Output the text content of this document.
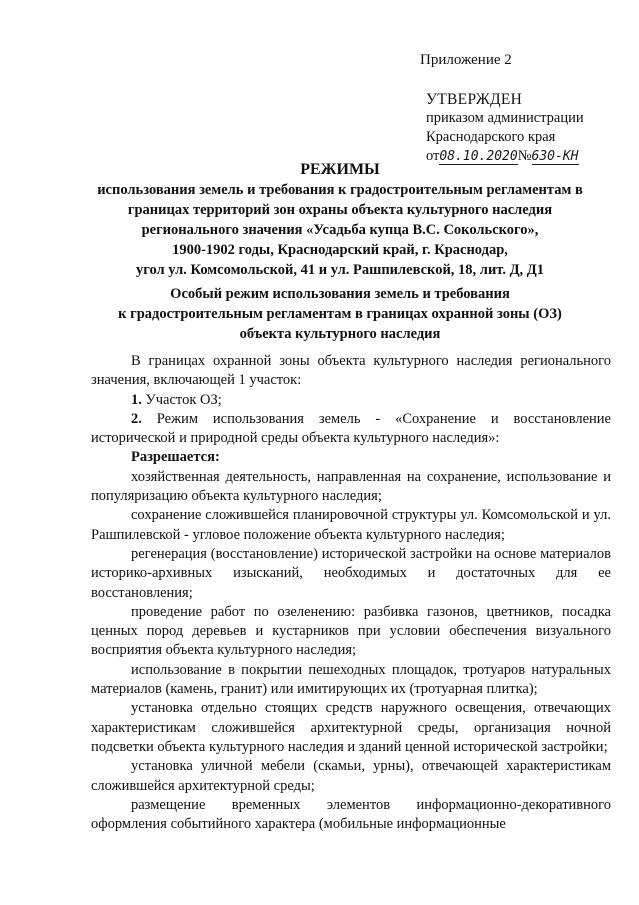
Приложение 2
УТВЕРЖДЕН
приказом администрации
Краснодарского края
от08.10.2020№630-КН
РЕЖИМЫ
использования земель и требования к градостроительным регламентам в
границах территорий зон охраны объекта культурного наследия
регионального значения «Усадьба купца В.С. Сокольского»,
1900-1902 годы, Краснодарский край, г. Краснодар,
угол ул. Комсомольской, 41 и ул. Рашпилевской, 18, лит. Д, Д1
Особый режим использования земель и требования
к градостроительным регламентам в границах охранной зоны (ОЗ)
объекта культурного наследия

В границах охранной зоны объекта культурного наследия регионального значения, включающей 1 участок:

1. Участок ОЗ;

2. Режим использования земель - «Сохранение и восстановление исторической и природной среды объекта культурного наследия»:

Разрешается:

хозяйственная деятельность, направленная на сохранение, использование и популяризацию объекта культурного наследия;

сохранение сложившейся планировочной структуры ул. Комсомольской и ул. Рашпилевской - угловое положение объекта культурного наследия;

регенерация (восстановление) исторической застройки на основе материалов историко-архивных изысканий, необходимых и достаточных для ее восстановления;

проведение работ по озеленению: разбивка газонов, цветников, посадка ценных пород деревьев и кустарников при условии обеспечения визуального восприятия объекта культурного наследия;

использование в покрытии пешеходных площадок, тротуаров натуральных материалов (камень, гранит) или имитирующих их (тротуарная плитка);

установка отдельно стоящих средств наружного освещения, отвечающих характеристикам сложившейся архитектурной среды, организация ночной подсветки объекта культурного наследия и зданий ценной исторической застройки;

установка уличной мебели (скамьи, урны), отвечающей характеристикам сложившейся архитектурной среды;

размещение временных элементов информационно-декоративного оформления событийного характера (мобильные информационные
